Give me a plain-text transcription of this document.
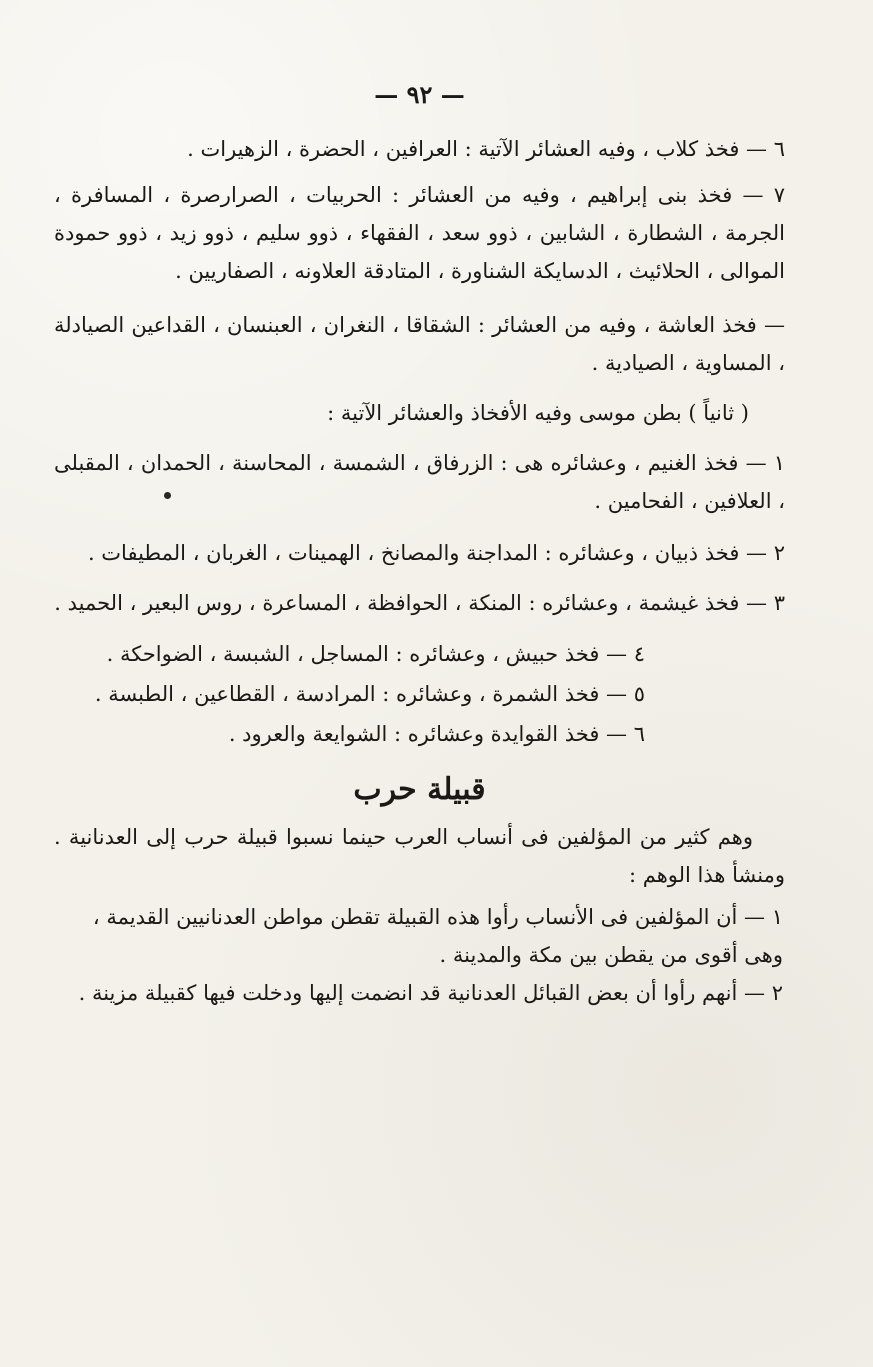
— ٩٢ —

٦ — فخذ كلاب ، وفيه العشائر الآتية : العرافين ، الحضرة ، الزهيرات .

٧ — فخذ بنى إبراهيم ، وفيه من العشائر : الحربيات ، الصرارصرة ، المسافرة ، الجرمة ، الشطارة ، الشابين ، ذوو سعد ، الفقهاء ، ذوو سليم ، ذوو زيد ، ذوو حمودة الموالى ، الحلائيث ، الدسايكة الشناورة ، المتادقة العلاونه ، الصفاريين .

— فخذ العاشة ، وفيه من العشائر : الشقاقا ، النغران ، العبنسان ، القداعين الصيادلة ، المساوية ، الصيادية .

( ثانياً ) بطن موسى وفيه الأفخاذ والعشائر الآتية :

١ — فخذ الغنيم ، وعشائره هى : الزرفاق ، الشمسة ، المحاسنة ، الحمدان ، المقبلى ، العلافين ، الفحامين .

٢ — فخذ ذبيان ، وعشائره : المداجنة والمصانخ ، الهمينات ، الغربان ، المطيفات .

٣ — فخذ غيشمة ، وعشائره : المنكة ، الحوافظة ، المساعرة ، روس البعير ، الحميد .

٤ — فخذ حبيش ، وعشائره : المساجل ، الشبسة ، الضواحكة .

٥ — فخذ الشمرة ، وعشائره : المرادسة ، القطاعين ، الطبسة .

٦ — فخذ القوايدة وعشائره : الشوايعة والعرود .

قبيلة حرب

وهم كثير من المؤلفين فى أنساب العرب حينما نسبوا قبيلة حرب إلى العدنانية . ومنشأ هذا الوهم :

١ — أن المؤلفين فى الأنساب رأوا هذه القبيلة تقطن مواطن العدنانيين القديمة ، وهى أقوى من يقطن بين مكة والمدينة .

٢ — أنهم رأوا أن بعض القبائل العدنانية قد انضمت إليها ودخلت فيها كقبيلة مزينة .
